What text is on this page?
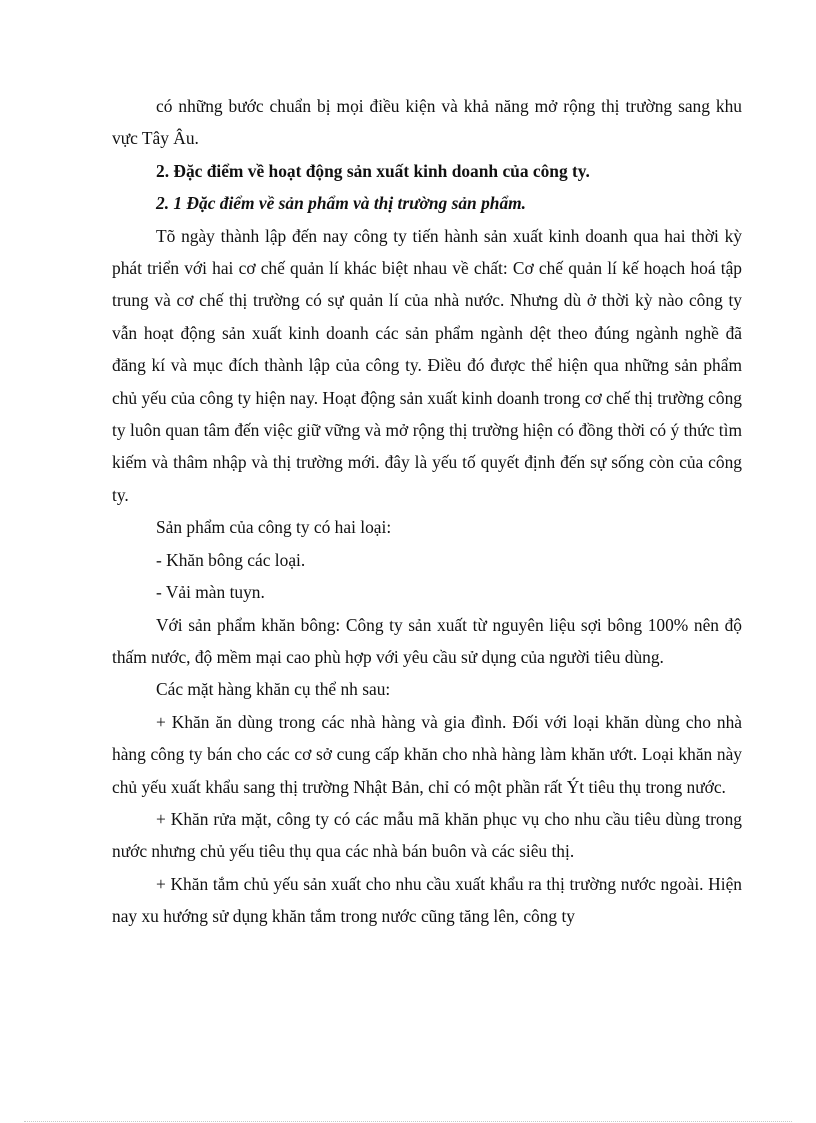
có những bước chuẩn bị mọi điều kiện và khả năng mở rộng thị trường sang khu vực Tây Âu.

2. Đặc điểm về hoạt động sản xuất kinh doanh của công ty.

2. 1 Đặc điểm về sản phẩm và thị trường sản phẩm.

Tõ ngày thành lập đến nay công ty tiến hành sản xuất kinh doanh qua hai thời kỳ phát triển với hai cơ chế quản lí khác biệt nhau về chất: Cơ chế quản lí kế hoạch hoá tập trung và cơ chế thị trường có sự quản lí của nhà nước. Nhưng dù ở thời kỳ nào công ty vẫn hoạt động sản xuất kinh doanh các sản phẩm ngành dệt theo đúng ngành nghề đã đăng kí và mục đích thành lập của công ty. Điều đó được thể hiện qua những sản phẩm chủ yếu của công ty hiện nay. Hoạt động sản xuất kinh doanh trong cơ chế thị trường công ty luôn quan tâm đến việc giữ vững và mở rộng thị trường hiện có đồng thời có ý thức tìm kiếm và thâm nhập và thị trường mới. đây là yếu tố quyết định đến sự sống còn của công ty.

Sản phẩm của công ty có hai loại:

- Khăn bông các loại.

- Vải màn tuyn.

Với sản phẩm khăn bông: Công ty sản xuất từ nguyên liệu sợi bông 100% nên độ thấm nước, độ mềm mại cao phù hợp với yêu cầu sử dụng của người tiêu dùng.

Các mặt hàng khăn cụ thể nh sau:

+ Khăn ăn dùng trong các nhà hàng và gia đình. Đối với loại khăn dùng cho nhà hàng công ty bán cho các cơ sở cung cấp khăn cho nhà hàng làm khăn ướt. Loại khăn này chủ yếu xuất khẩu sang thị trường Nhật Bản, chỉ có một phần rất Ýt tiêu thụ trong nước.

+ Khăn rửa mặt, công ty có các mẫu mã khăn phục vụ cho nhu cầu tiêu dùng trong nước nhưng chủ yếu tiêu thụ qua các nhà bán buôn và các siêu thị.

+ Khăn tắm chủ yếu sản xuất cho nhu cầu xuất khẩu ra thị trường nước ngoài. Hiện nay xu hướng sử dụng khăn tắm trong nước cũng tăng lên, công ty
